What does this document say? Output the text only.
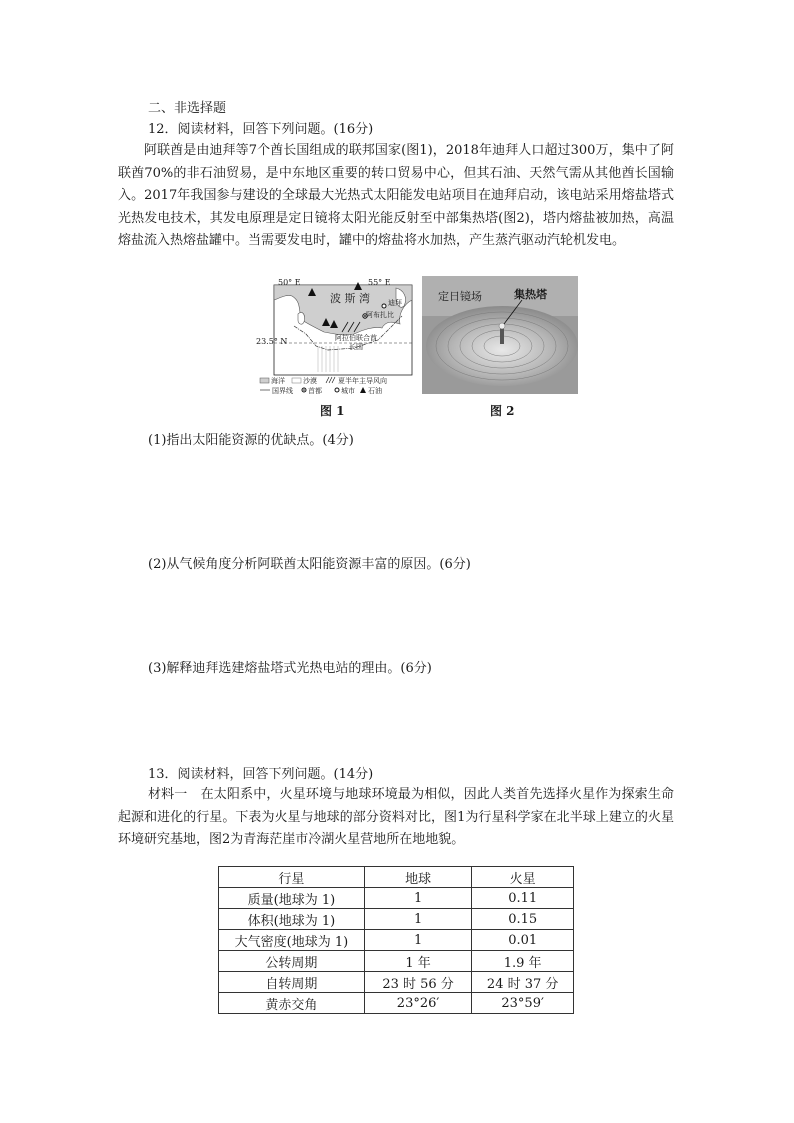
二、非选择题
12．阅读材料，回答下列问题。(16分)
阿联酋是由迪拜等7个酋长国组成的联邦国家(图1)，2018年迪拜人口超过300万，集中了阿联酋70%的非石油贸易，是中东地区重要的转口贸易中心，但其石油、天然气需从其他酋长国输入。2017年我国参与建设的全球最大光热式太阳能发电站项目在迪拜启动，该电站采用熔盐塔式光热发电技术，其发电原理是定日镜将太阳光能反射至中部集热塔(图2)，塔内熔盐被加热，高温熔盐流入热熔盐罐中。当需要发电时，罐中的熔盐将水加热，产生蒸汽驱动汽轮机发电。
50° E	55° E
23.5° N
波 斯 湾	迪拜
阿布扎比
阿拉伯联合酋长国
海洋	沙漠	夏半年主导风向
国界线 首都	城市 石油
图 1
定日镜场	集热塔
图 2
(1)指出太阳能资源的优缺点。(4分)
(2)从气候角度分析阿联酋太阳能资源丰富的原因。(6分)
(3)解释迪拜选建熔盐塔式光热电站的理由。(6分)
13．阅读材料，回答下列问题。(14分)
材料一　在太阳系中，火星环境与地球环境最为相似，因此人类首先选择火星作为探索生命起源和进化的行星。下表为火星与地球的部分资料对比，图1为行星科学家在北半球上建立的火星环境研究基地，图2为青海茫崖市冷湖火星营地所在地地貌。
行星	地球	火星
质量(地球为 1)	1	0.11
体积(地球为 1)	1	0.15
大气密度(地球为 1)	1	0.01
公转周期	1 年	1.9 年
自转周期	23 时 56 分	24 时 37 分
黄赤交角	23°26′	23°59′
